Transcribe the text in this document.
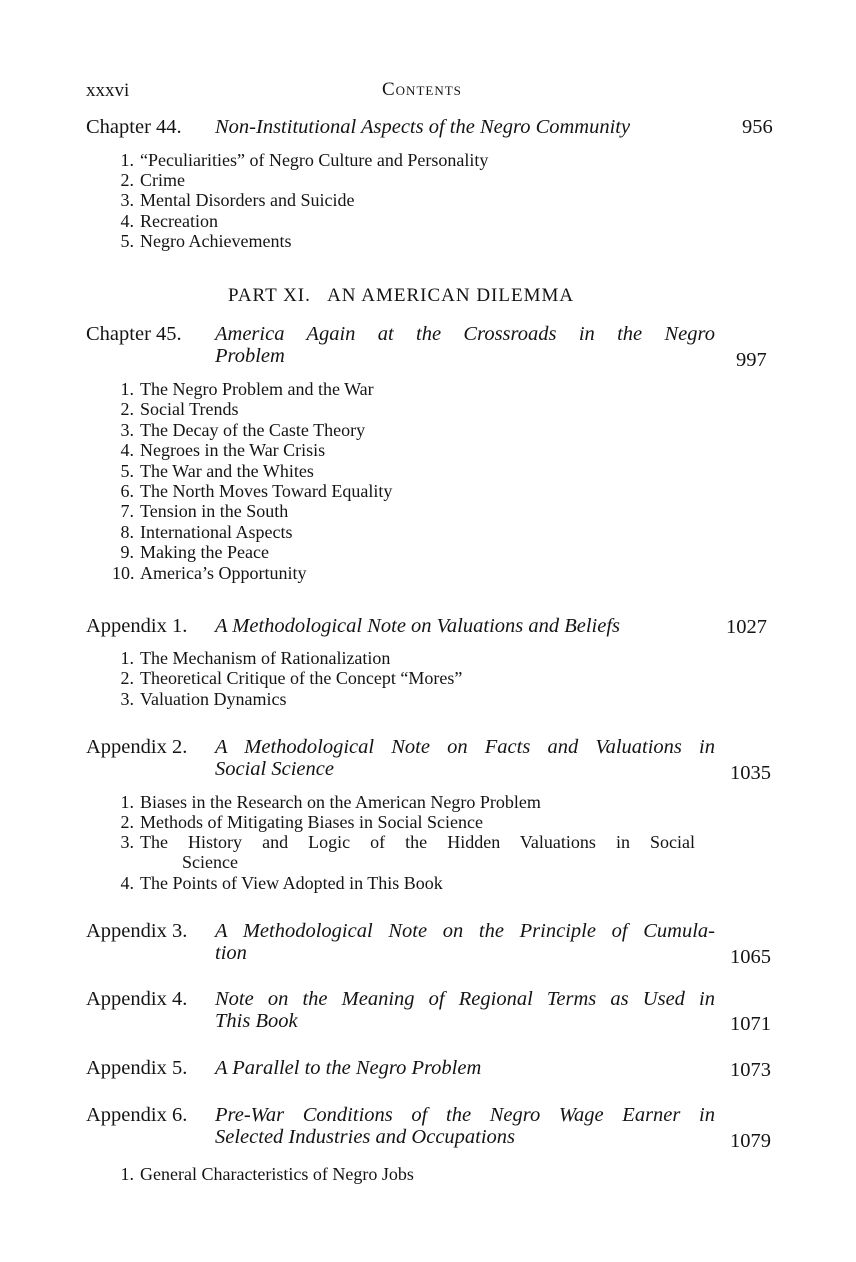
xxxvi	Contents
Chapter 44. Non-Institutional Aspects of the Negro Community	956
1. “Peculiarities” of Negro Culture and Personality
2. Crime
3. Mental Disorders and Suicide
4. Recreation
5. Negro Achievements
PART XI.   AN AMERICAN DILEMMA
Chapter 45. America Again at the Crossroads in the Negro
Problem	997
1. The Negro Problem and the War
2. Social Trends
3. The Decay of the Caste Theory
4. Negroes in the War Crisis
5. The War and the Whites
6. The North Moves Toward Equality
7. Tension in the South
8. International Aspects
9. Making the Peace
10. America’s Opportunity
Appendix 1. A Methodological Note on Valuations and Beliefs	1027
1. The Mechanism of Rationalization
2. Theoretical Critique of the Concept “Mores”
3. Valuation Dynamics
Appendix 2. A Methodological Note on Facts and Valuations in
Social Science	1035
1. Biases in the Research on the American Negro Problem
2. Methods of Mitigating Biases in Social Science
3. The History and Logic of the Hidden Valuations in Social
Science
4. The Points of View Adopted in This Book
Appendix 3. A Methodological Note on the Principle of Cumula-
tion	1065
Appendix 4. Note on the Meaning of Regional Terms as Used in
This Book	1071
Appendix 5. A Parallel to the Negro Problem	1073
Appendix 6. Pre-War Conditions of the Negro Wage Earner in
Selected Industries and Occupations	1079
1. General Characteristics of Negro Jobs
